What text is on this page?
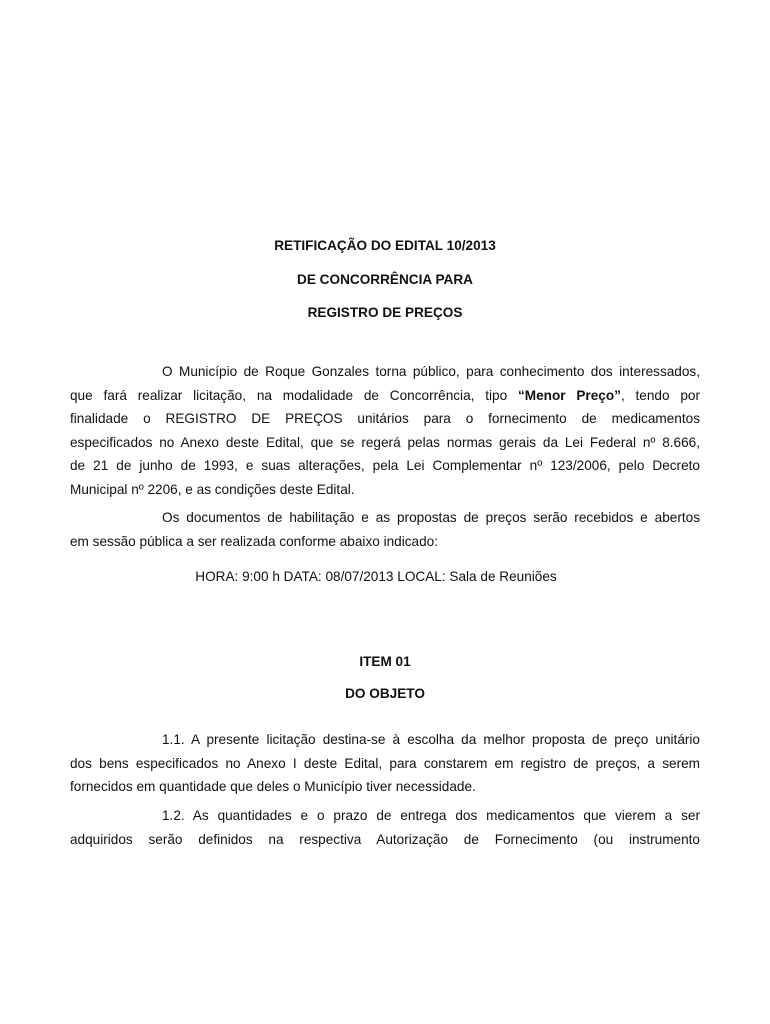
RETIFICAÇÃO DO EDITAL 10/2013
DE CONCORRÊNCIA PARA
REGISTRO DE PREÇOS
O Município de Roque Gonzales torna público, para conhecimento dos interessados,
que fará realizar licitação, na modalidade de Concorrência, tipo “Menor Preço”, tendo por
finalidade o REGISTRO DE PREÇOS unitários para o fornecimento de medicamentos
especificados no Anexo deste Edital, que se regerá pelas normas gerais da Lei Federal nº 8.666,
de 21 de junho de 1993, e suas alterações, pela Lei Complementar nº 123/2006, pelo Decreto
Municipal nº 2206, e as condições deste Edital.
Os documentos de habilitação e as propostas de preços serão recebidos e abertos
em sessão pública a ser realizada conforme abaixo indicado:
HORA: 9:00 h DATA: 08/07/2013 LOCAL: Sala de Reuniões
ITEM 01
DO OBJETO
1.1. A presente licitação destina-se à escolha da melhor proposta de preço unitário
dos bens especificados no Anexo I deste Edital, para constarem em registro de preços, a serem
fornecidos em quantidade que deles o Município tiver necessidade.
1.2. As quantidades e o prazo de entrega dos medicamentos que vierem a ser
adquiridos serão definidos na respectiva Autorização de Fornecimento (ou instrumento
